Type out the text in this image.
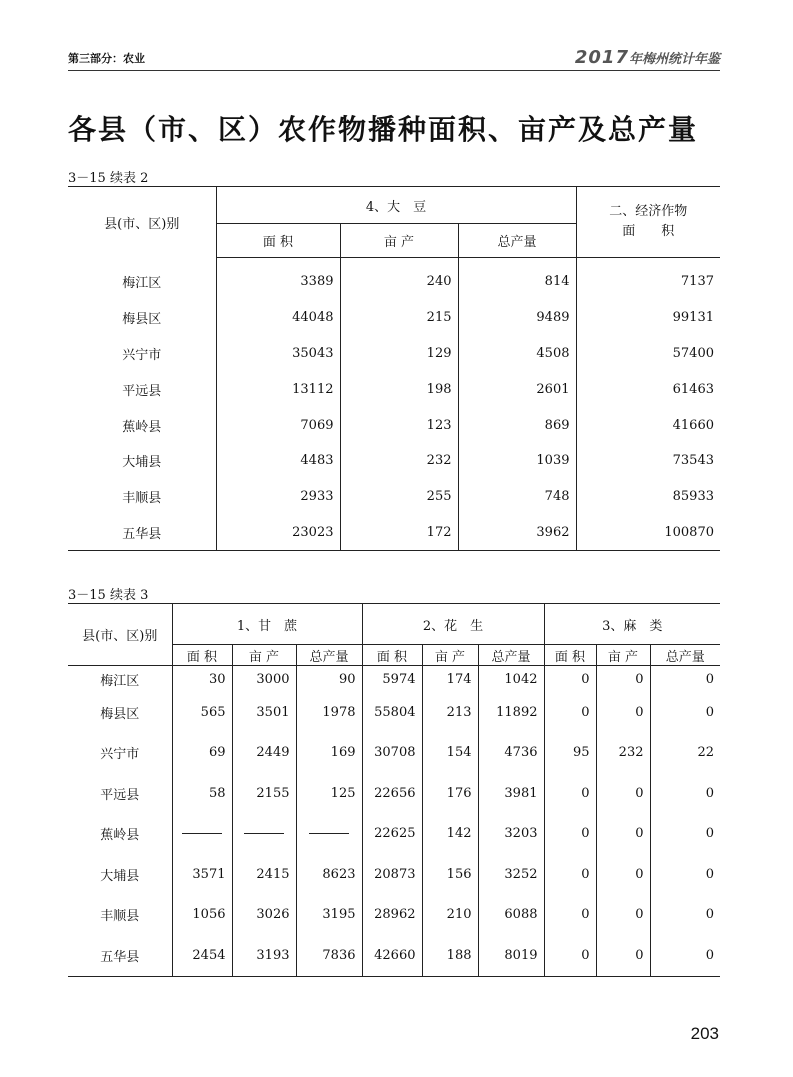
第三部分：农业	2017年梅州统计年鉴
各县（市、区）农作物播种面积、亩产及总产量
3－15 续表 2
县(市、区)别	4、大　豆			二、经济作物
面　　积

	面 积	亩 产	总产量	

梅江区	3389	240	814	7137
梅县区	44048	215	9489	99131
兴宁市	35043	129	4508	57400
平远县	13112	198	2601	61463
蕉岭县	7069	123	869	41660
大埔县	4483	232	1039	73543
丰顺县	2933	255	748	85933
五华县	23023	172	3962	100870
3－15 续表 3
县(市、区)别	1、甘　蔗			2、花　生			3、麻　类		
	面 积	亩 产	总产量	面 积	亩 产	总产量	面 积	亩 产	总产量
梅江区	30	3000	90	5974	174	1042	0	0	0
梅县区	565	3501	1978	55804	213	11892	0	0	0
兴宁市	69	2449	169	30708	154	4736	95	232	22
平远县	58	2155	125	22656	176	3981	0	0	0
蕉岭县				22625	142	3203	0	0	0
大埔县	3571	2415	8623	20873	156	3252	0	0	0
丰顺县	1056	3026	3195	28962	210	6088	0	0	0
五华县	2454	3193	7836	42660	188	8019	0	0	0
203
